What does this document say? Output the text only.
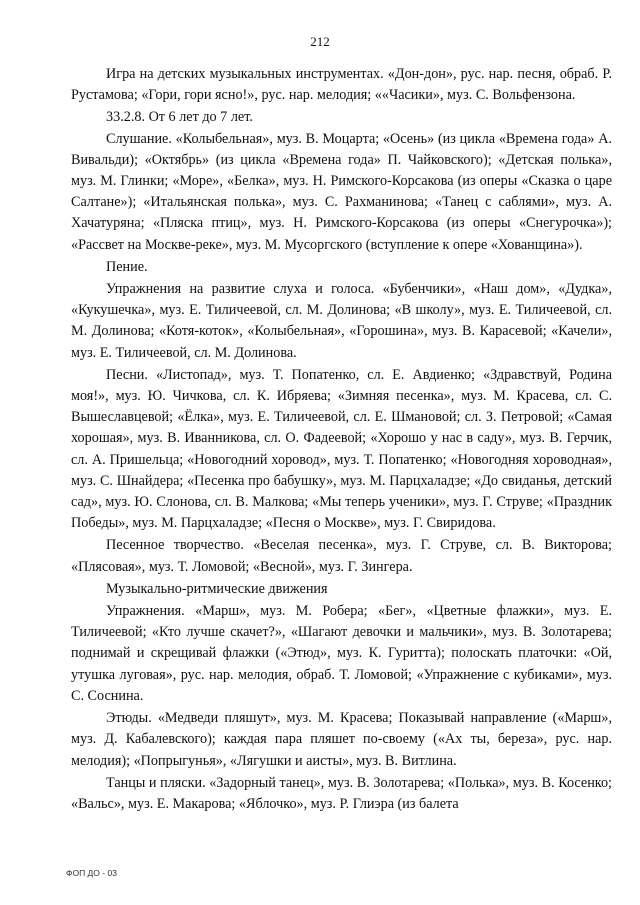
212

Игра на детских музыкальных инструментах. «Дон-дон», рус. нар. песня, обраб. Р. Рустамова; «Гори, гори ясно!», рус. нар. мелодия; ««Часики», муз. С. Вольфензона.

33.2.8. От 6 лет до 7 лет.

Слушание. «Колыбельная», муз. В. Моцарта; «Осень» (из цикла «Времена года» А. Вивальди); «Октябрь» (из цикла «Времена года» П. Чайковского); «Детская полька», муз. М. Глинки; «Море», «Белка», муз. Н. Римского-Корсакова (из оперы «Сказка о царе Салтане»); «Итальянская полька», муз. С. Рахманинова; «Танец с саблями», муз. А. Хачатуряна; «Пляска птиц», муз. Н. Римского-Корсакова (из оперы «Снегурочка»); «Рассвет на Москве-реке», муз. М. Мусоргского (вступление к опере «Хованщина»).

Пение.

Упражнения на развитие слуха и голоса. «Бубенчики», «Наш дом», «Дудка», «Кукушечка», муз. Е. Тиличеевой, сл. М. Долинова; «В школу», муз. Е. Тиличеевой, сл. М. Долинова; «Котя-коток», «Колыбельная», «Горошина», муз. В. Карасевой; «Качели», муз. Е. Тиличеевой, сл. М. Долинова.

Песни. «Листопад», муз. Т. Попатенко, сл. Е. Авдиенко; «Здравствуй, Родина моя!», муз. Ю. Чичкова, сл. К. Ибряева; «Зимняя песенка», муз. М. Красева, сл. С. Вышеславцевой; «Ёлка», муз. Е. Тиличеевой, сл. Е. Шмановой; сл. З. Петровой; «Самая хорошая», муз. В. Иванникова, сл. О. Фадеевой; «Хорошо у нас в саду», муз. В. Герчик, сл. А. Пришельца; «Новогодний хоровод», муз. Т. Попатенко; «Новогодняя хороводная», муз. С. Шнайдера; «Песенка про бабушку», муз. М. Парцхаладзе; «До свиданья, детский сад», муз. Ю. Слонова, сл. В. Малкова; «Мы теперь ученики», муз. Г. Струве; «Праздник Победы», муз. М. Парцхаладзе; «Песня о Москве», муз. Г. Свиридова.

Песенное творчество. «Веселая песенка», муз. Г. Струве, сл. В. Викторова; «Плясовая», муз. Т. Ломовой; «Весной», муз. Г. Зингера.

Музыкально-ритмические движения

Упражнения. «Марш», муз. М. Робера; «Бег», «Цветные флажки», муз. Е. Тиличеевой; «Кто лучше скачет?», «Шагают девочки и мальчики», муз. В. Золотарева; поднимай и скрещивай флажки («Этюд», муз. К. Гуритта); полоскать платочки: «Ой, утушка луговая», рус. нар. мелодия, обраб. Т. Ломовой; «Упражнение с кубиками», муз. С. Соснина.

Этюды. «Медведи пляшут», муз. М. Красева; Показывай направление («Марш», муз. Д. Кабалевского); каждая пара пляшет по-своему («Ах ты, береза», рус. нар. мелодия); «Попрыгунья», «Лягушки и аисты», муз. В. Витлина.

Танцы и пляски. «Задорный танец», муз. В. Золотарева; «Полька», муз. В. Косенко; «Вальс», муз. Е. Макарова; «Яблочко», муз. Р. Глиэра (из балета

ФОП ДО - 03
